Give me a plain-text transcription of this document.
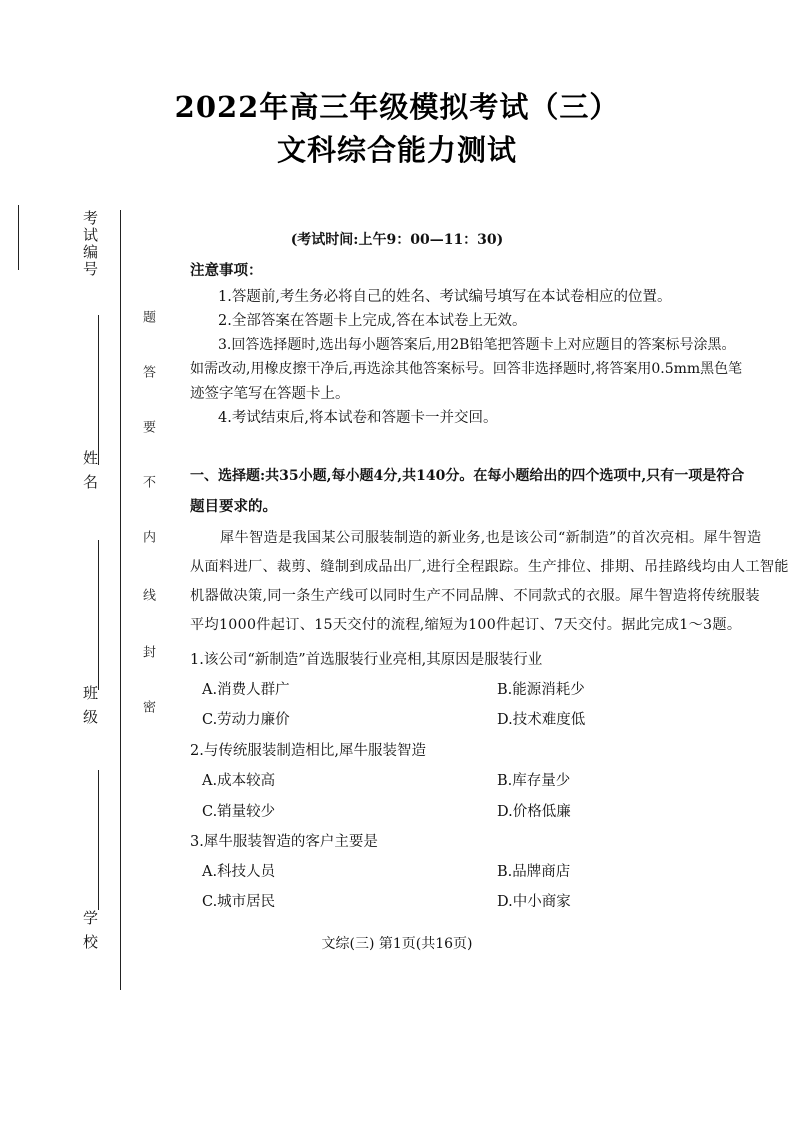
2022年高三年级模拟考试（三）
文科综合能力测试
考试编号
姓 名
班 级
学 校
题
答
要
不
内
线
封
密
(考试时间:上午9：00—11：30)
注意事项：
1.答题前,考生务必将自己的姓名、考试编号填写在本试卷相应的位置。
2.全部答案在答题卡上完成,答在本试卷上无效。
3.回答选择题时,选出每小题答案后,用2B铅笔把答题卡上对应题目的答案标号涂黑。
如需改动,用橡皮擦干净后,再选涂其他答案标号。回答非选择题时,将答案用0.5mm黑色笔
迹签字笔写在答题卡上。
4.考试结束后,将本试卷和答题卡一并交回。
一、选择题:共35小题,每小题4分,共140分。在每小题给出的四个选项中,只有一项是符合
题目要求的。
犀牛智造是我国某公司服装制造的新业务,也是该公司“新制造”的首次亮相。犀牛智造
从面料进厂、裁剪、缝制到成品出厂,进行全程跟踪。生产排位、排期、吊挂路线均由人工智能
机器做决策,同一条生产线可以同时生产不同品牌、不同款式的衣服。犀牛智造将传统服装
平均1000件起订、15天交付的流程,缩短为100件起订、7天交付。据此完成1～3题。
1.该公司“新制造”首选服装行业亮相,其原因是服装行业
A.消费人群广	B.能源消耗少
C.劳动力廉价	D.技术难度低
2.与传统服装制造相比,犀牛服装智造
A.成本较高	B.库存量少
C.销量较少	D.价格低廉
3.犀牛服装智造的客户主要是
A.科技人员	B.品牌商店
C.城市居民	D.中小商家
文综(三) 第1页(共16页)
